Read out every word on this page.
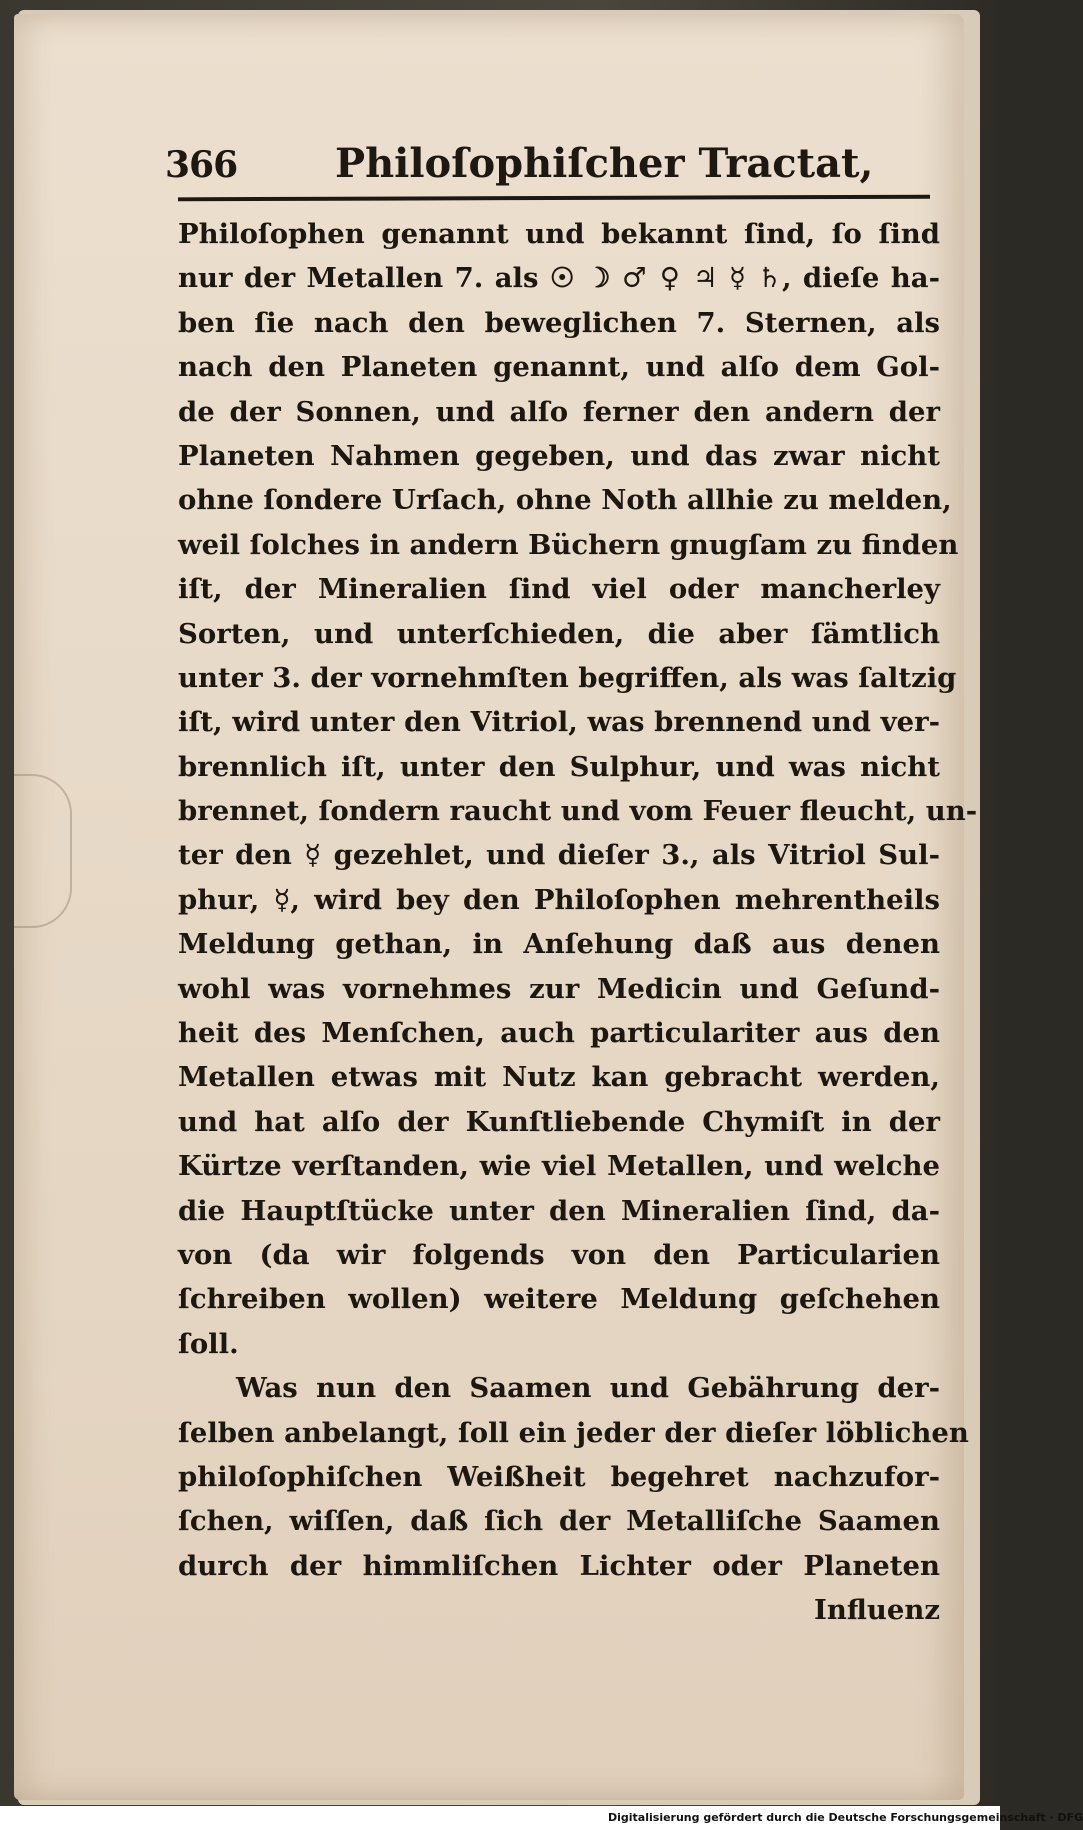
366 Philoſophiſcher Tractat,
Philoſophen genannt und bekannt ſind, ſo ſind
nur der Metallen 7. als ☉ ☽ ♂ ♀ ♃ ☿ ♄, dieſe ha-
ben ſie nach den beweglichen 7. Sternen, als
nach den Planeten genannt, und alſo dem Gol-
de der Sonnen, und alſo ferner den andern der
Planeten Nahmen gegeben, und das zwar nicht
ohne ſondere Urſach, ohne Noth allhie zu melden,
weil ſolches in andern Büchern gnugſam zu finden
iſt, der Mineralien ſind viel oder mancherley
Sorten, und unterſchieden, die aber ſämtlich
unter 3. der vornehmſten begriffen, als was ſaltzig
iſt, wird unter den Vitriol, was brennend und ver-
brennlich iſt, unter den Sulphur, und was nicht
brennet, ſondern raucht und vom Feuer fleucht, un-
ter den ☿ gezehlet, und dieſer 3., als Vitriol Sul-
phur, ☿, wird bey den Philoſophen mehrentheils
Meldung gethan, in Anſehung daß aus denen
wohl was vornehmes zur Medicin und Geſund-
heit des Menſchen, auch particulariter aus den
Metallen etwas mit Nutz kan gebracht werden,
und hat alſo der Kunſtliebende Chymiſt in der
Kürtze verſtanden, wie viel Metallen, und welche
die Hauptſtücke unter den Mineralien ſind, da-
von (da wir folgends von den Particularien
ſchreiben wollen) weitere Meldung geſchehen
ſoll.
Was nun den Saamen und Gebährung der-
ſelben anbelangt, ſoll ein jeder der dieſer löblichen
philoſophiſchen Weißheit begehret nachzufor-
ſchen, wiſſen, daß ſich der Metalliſche Saamen
durch der himmliſchen Lichter oder Planeten
Influenz
Digitalisierung gefördert durch die Deutsche Forschungsgemeinschaft · DFG
